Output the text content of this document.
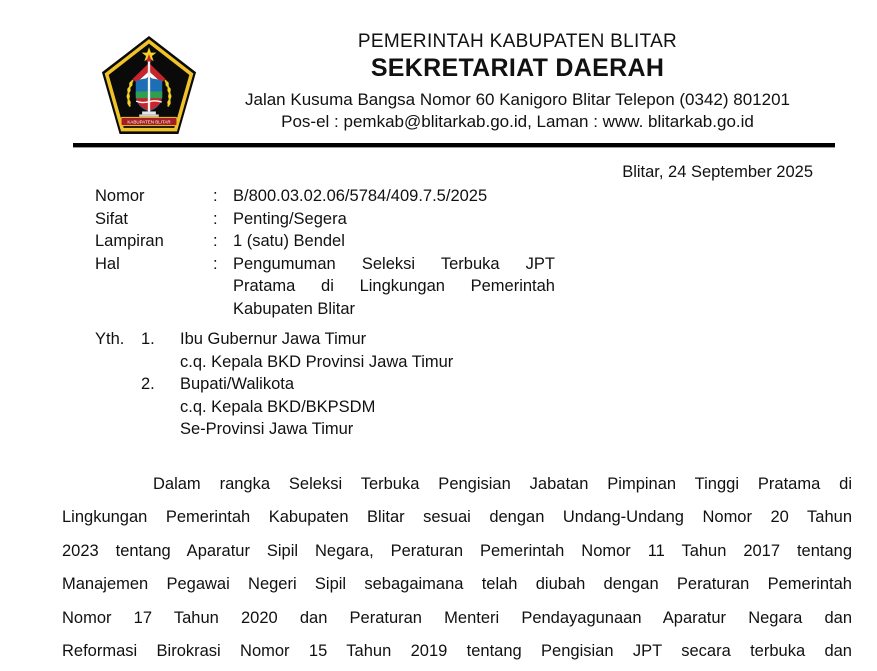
KABUPATEN BLITAR
PEMERINTAH KABUPATEN BLITAR
SEKRETARIAT DAERAH
Jalan Kusuma Bangsa Nomor 60 Kanigoro Blitar Telepon (0342) 801201
Pos-el : pemkab@blitarkab.go.id, Laman : www. blitarkab.go.id
Blitar, 24 September 2025
Nomor	: B/800.03.02.06/5784/409.7.5/2025
Sifat	: Penting/Segera
Lampiran	: 1 (satu) Bendel
Hal	: Pengumuman Seleksi Terbuka JPT
Pratama di Lingkungan Pemerintah
Kabupaten Blitar
Yth.	1.	Ibu Gubernur Jawa Timur
c.q. Kepala BKD Provinsi Jawa Timur
2.	Bupati/Walikota
c.q. Kepala BKD/BKPSDM
Se-Provinsi Jawa Timur
Dalam rangka Seleksi Terbuka Pengisian Jabatan Pimpinan Tinggi Pratama di
Lingkungan Pemerintah Kabupaten Blitar sesuai dengan Undang-Undang Nomor 20 Tahun
2023 tentang Aparatur Sipil Negara, Peraturan Pemerintah Nomor 11 Tahun 2017 tentang
Manajemen Pegawai Negeri Sipil sebagaimana telah diubah dengan Peraturan Pemerintah
Nomor 17 Tahun 2020 dan Peraturan Menteri Pendayagunaan Aparatur Negara dan
Reformasi Birokrasi Nomor 15 Tahun 2019 tentang Pengisian JPT secara terbuka dan
